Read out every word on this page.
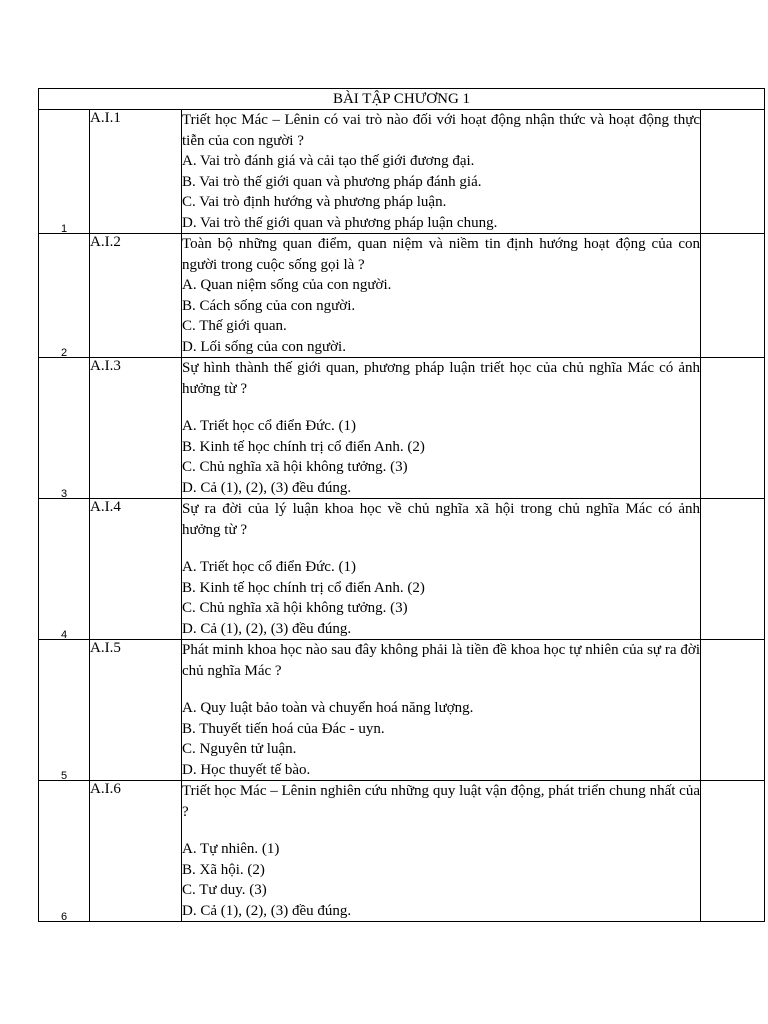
BÀI TẬP CHƯƠNG 1			

1	A.I.1	Triết học Mác – Lênin có vai trò nào đối với hoạt động nhận thức và hoạt động thực tiễn của con người ?
A. Vai trò đánh giá và cải tạo thế giới đương đại.
B. Vai trò thế giới quan và phương pháp đánh giá.
C. Vai trò định hướng và phương pháp luận.
D. Vai trò thế giới quan và phương pháp luận chung.	

2	A.I.2	Toàn bộ những quan điểm, quan niệm và niềm tin định hướng hoạt động của con người trong cuộc sống gọi là ?
A. Quan niệm sống của con người.
B. Cách sống của con người.
C. Thế giới quan.
D. Lối sống của con người.	

3	A.I.3	Sự hình thành thế giới quan, phương pháp luận triết học của chủ nghĩa Mác có ảnh hưởng từ ?
A. Triết học cổ điển Đức. (1)
B. Kinh tế học chính trị cổ điển Anh. (2)
C. Chủ nghĩa xã hội không tưởng. (3)
D. Cả (1), (2), (3) đều đúng.	

4	A.I.4	Sự ra đời của lý luận khoa học về chủ nghĩa xã hội trong chủ nghĩa Mác có ảnh hưởng từ ?
A. Triết học cổ điển Đức. (1)
B. Kinh tế học chính trị cổ điển Anh. (2)
C. Chủ nghĩa xã hội không tưởng. (3)
D. Cả (1), (2), (3) đều đúng.	

5	A.I.5	Phát minh khoa học nào sau đây không phải là tiền đề khoa học tự nhiên của sự ra đời chủ nghĩa Mác ?
A. Quy luật bảo toàn và chuyển hoá năng lượng.
B. Thuyết tiến hoá của Đác - uyn.
C. Nguyên tử luận.
D. Học thuyết tế bào.	

6	A.I.6	Triết học Mác – Lênin nghiên cứu những quy luật vận động, phát triển chung nhất của ?
A. Tự nhiên. (1)
B. Xã hội. (2)
C. Tư duy. (3)
D. Cả (1), (2), (3) đều đúng.	
